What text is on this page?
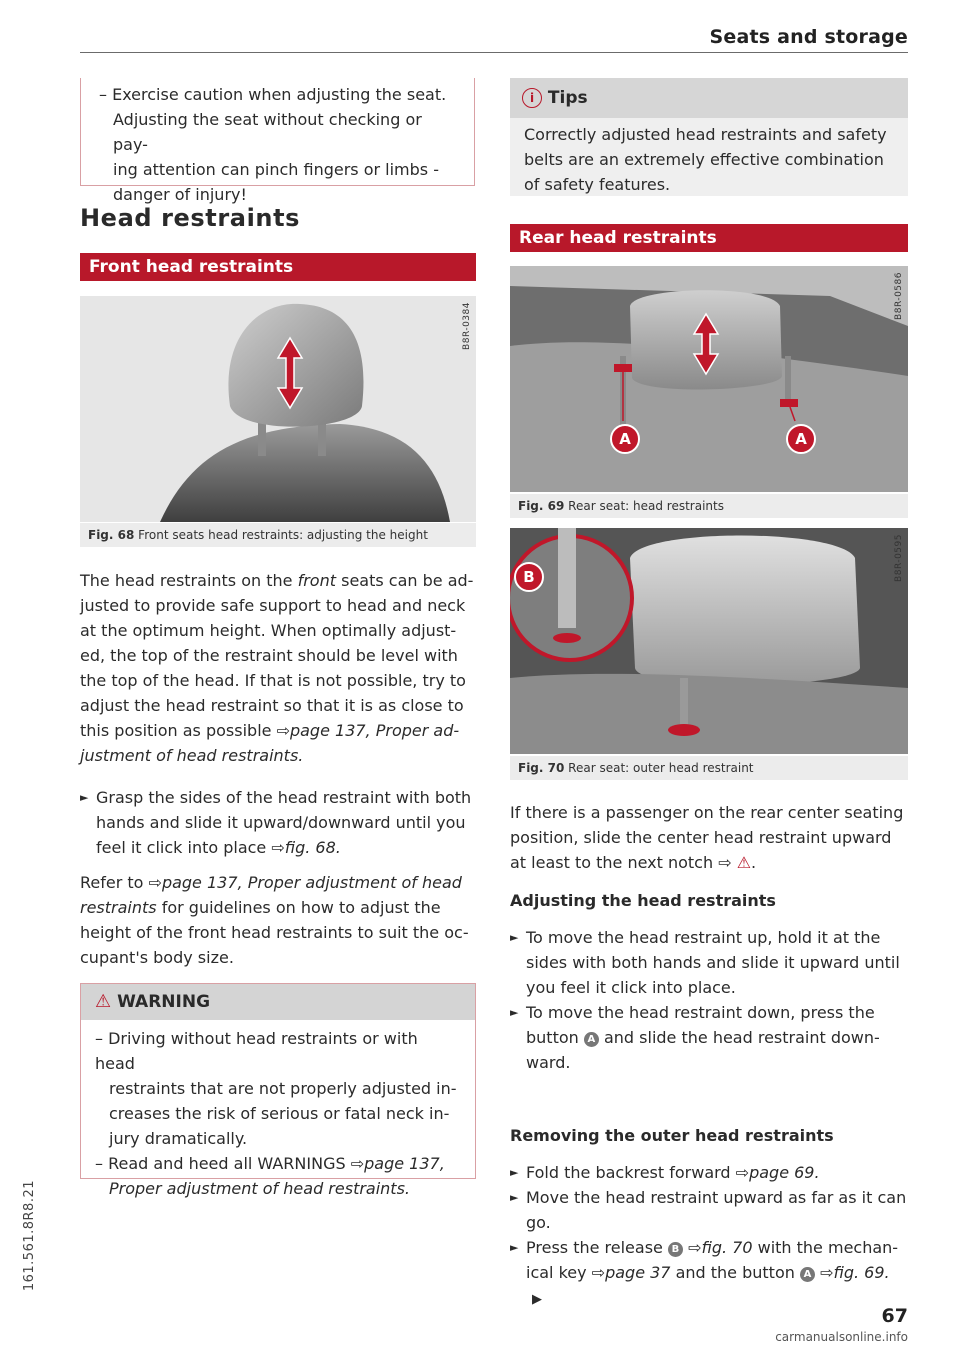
Seats and storage
– Exercise caution when adjusting the seat.
Adjusting the seat without checking or pay-
ing attention can pinch fingers or limbs -
danger of injury!
Head restraints
Front head restraints
B8R-0384
Fig. 68 Front seats head restraints: adjusting the height

The head restraints on the front seats can be ad-

justed to provide safe support to head and neck

at the optimum height. When optimally adjust-

ed, the top of the restraint should be level with

the top of the head. If that is not possible, try to

adjust the head restraint so that it is as close to

this position as possible ⇨page 137, Proper ad-

justment of head restraints.

► Grasp the sides of the head restraint with both
hands and slide it upward/downward until you
feel it click into place ⇨fig. 68.

Refer to ⇨page 137, Proper adjustment of head

restraints for guidelines on how to adjust the

height of the front head restraints to suit the oc-

cupant's body size.

⚠ WARNING
– Driving without head restraints or with head
restraints that are not properly adjusted in-
creases the risk of serious or fatal neck in-
jury dramatically.
– Read and heed all WARNINGS ⇨page 137,
Proper adjustment of head restraints.
i Tips
Correctly adjusted head restraints and safety
belts are an extremely effective combination
of safety features.
Rear head restraints
A	A
B8R-0586
Fig. 69 Rear seat: head restraints
B	B8R-0595
Fig. 70 Rear seat: outer head restraint

If there is a passenger on the rear center seating

position, slide the center head restraint upward

at least to the next notch ⇨ ⚠.

Adjusting the head restraints
► To move the head restraint up, hold it at the
sides with both hands and slide it upward until
you feel it click into place.
► To move the head restraint down, press the
button A and slide the head restraint down-
ward.
Removing the outer head restraints
► Fold the backrest forward ⇨page 69.
► Move the head restraint upward as far as it can
go.
► Press the release B ⇨fig. 70 with the mechan-
ical key ⇨page 37 and the button A ⇨fig. 69. ▶
161.561.8R8.21
67
carmanualsonline.info
